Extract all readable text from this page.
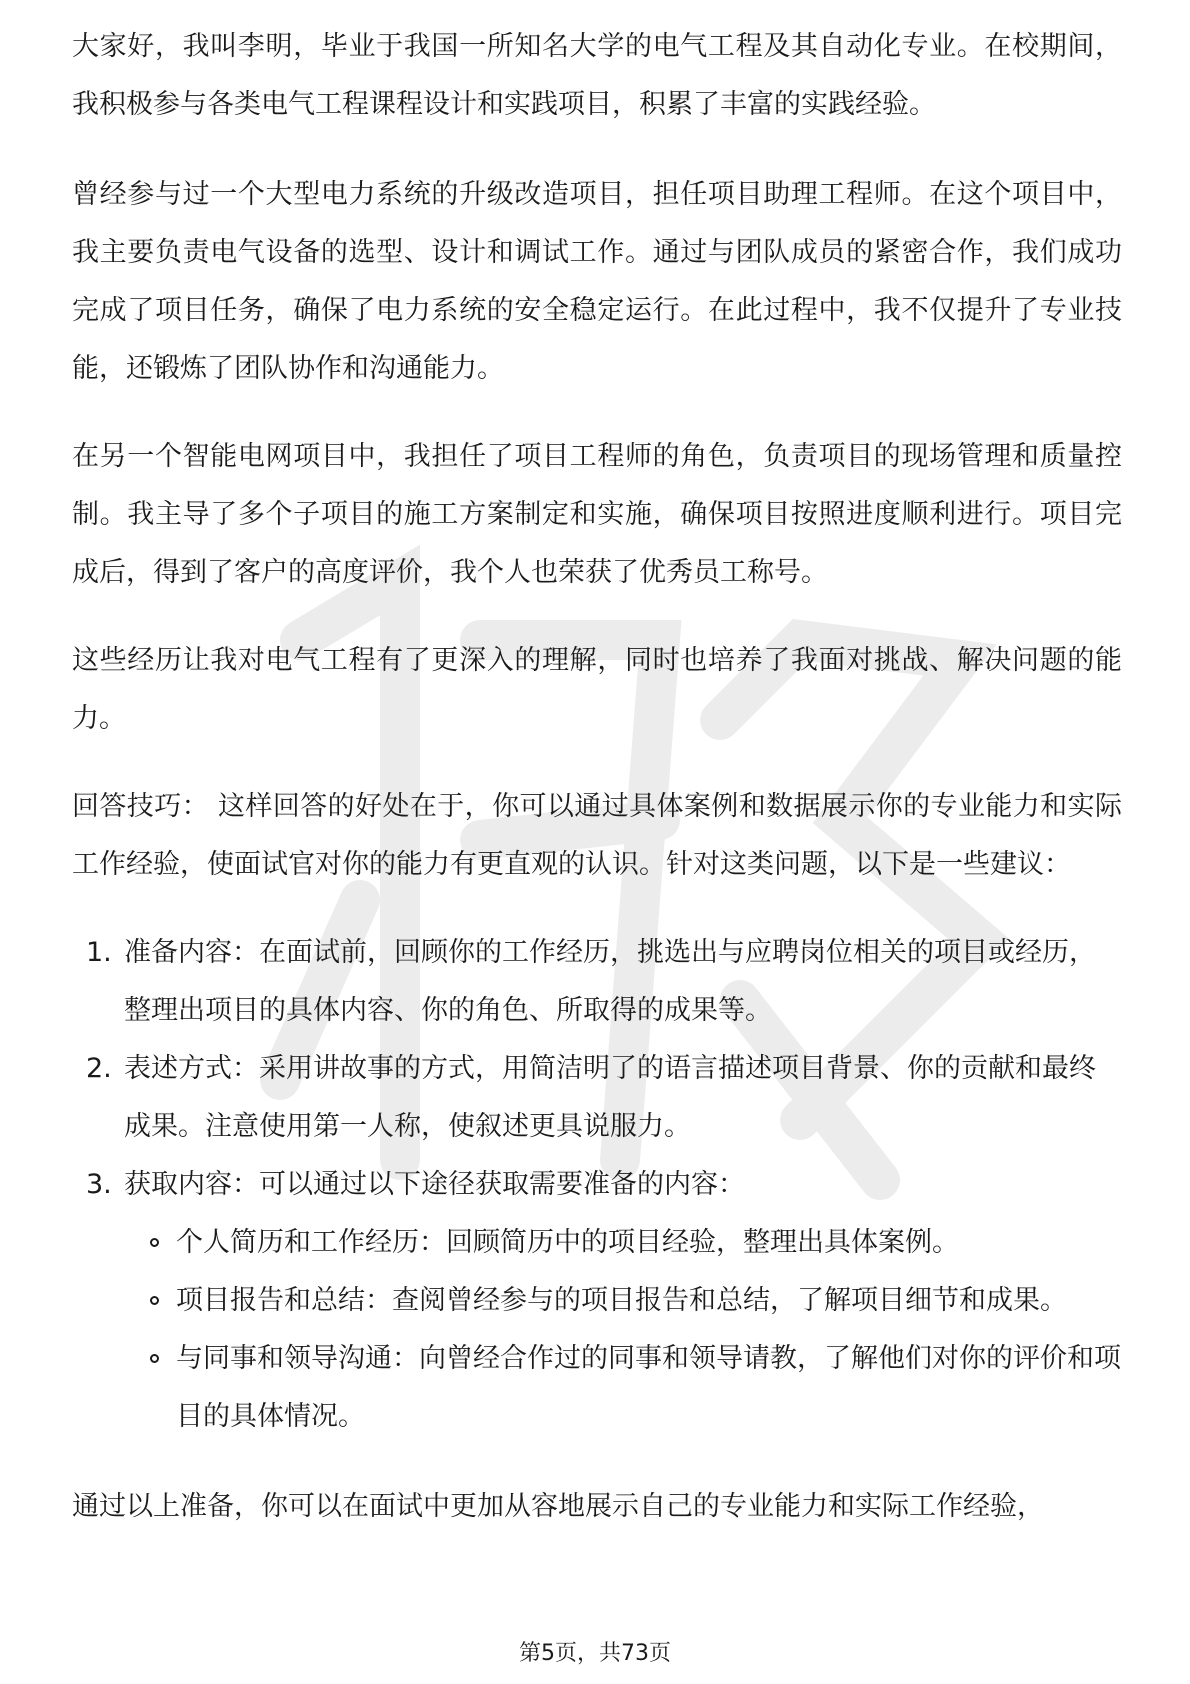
大家好，我叫李明，毕业于我国一所知名大学的电气工程及其自动化专业。在校期间，我积极参与各类电气工程课程设计和实践项目，积累了丰富的实践经验。

曾经参与过一个大型电力系统的升级改造项目，担任项目助理工程师。在这个项目中，我主要负责电气设备的选型、设计和调试工作。通过与团队成员的紧密合作，我们成功完成了项目任务，确保了电力系统的安全稳定运行。在此过程中，我不仅提升了专业技能，还锻炼了团队协作和沟通能力。

在另一个智能电网项目中，我担任了项目工程师的角色，负责项目的现场管理和质量控制。我主导了多个子项目的施工方案制定和实施，确保项目按照进度顺利进行。项目完成后，得到了客户的高度评价，我个人也荣获了优秀员工称号。

这些经历让我对电气工程有了更深入的理解，同时也培养了我面对挑战、解决问题的能力。

回答技巧： 这样回答的好处在于，你可以通过具体案例和数据展示你的专业能力和实际工作经验，使面试官对你的能力有更直观的认识。针对这类问题，以下是一些建议：

1. 准备内容：在面试前，回顾你的工作经历，挑选出与应聘岗位相关的项目或经历，整理出项目的具体内容、你的角色、所取得的成果等。
2. 表述方式：采用讲故事的方式，用简洁明了的语言描述项目背景、你的贡献和最终成果。注意使用第一人称，使叙述更具说服力。
3. 获取内容：可以通过以下途径获取需要准备的内容：
个人简历和工作经历：回顾简历中的项目经验，整理出具体案例。
项目报告和总结：查阅曾经参与的项目报告和总结，了解项目细节和成果。
与同事和领导沟通：向曾经合作过的同事和领导请教，了解他们对你的评价和项目的具体情况。

通过以上准备，你可以在面试中更加从容地展示自己的专业能力和实际工作经验，

第5页，共73页
